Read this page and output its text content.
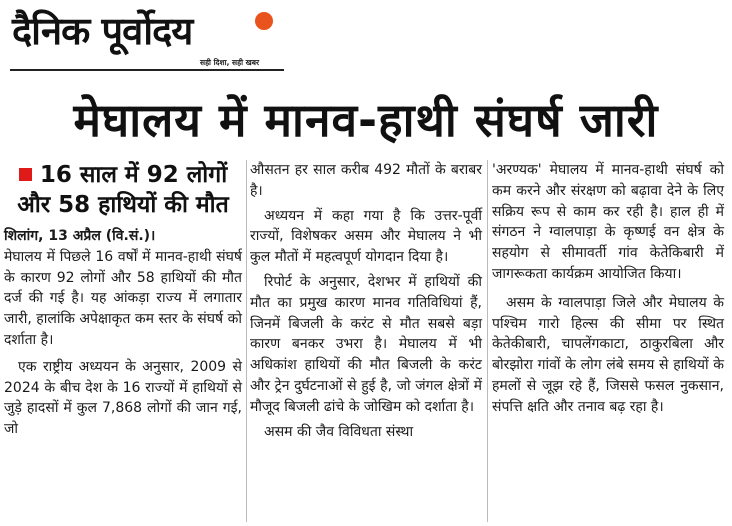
दैनिक पूर्वोदय
सही दिशा, सही खबर
मेघालय में मानव-हाथी संघर्ष जारी
16 साल में 92 लोगों और 58 हाथियों की मौत

शिलांग, 13 अप्रैल (वि.सं.)।

मेघालय में पिछले 16 वर्षों में मानव-हाथी संघर्ष के कारण 92 लोगों और 58 हाथियों की मौत दर्ज की गई है। यह आंकड़ा राज्य में लगातार जारी, हालांकि अपेक्षाकृत कम स्तर के संघर्ष को दर्शाता है।

एक राष्ट्रीय अध्ययन के अनुसार, 2009 से 2024 के बीच देश के 16 राज्यों में हाथियों से जुड़े हादसों में कुल 7,868 लोगों की जान गई, जो

औसतन हर साल करीब 492 मौतों के बराबर है।

अध्ययन में कहा गया है कि उत्तर-पूर्वी राज्यों, विशेषकर असम और मेघालय ने भी कुल मौतों में महत्वपूर्ण योगदान दिया है।

रिपोर्ट के अनुसार, देशभर में हाथियों की मौत का प्रमुख कारण मानव गतिविधियां हैं, जिनमें बिजली के करंट से मौत सबसे बड़ा कारण बनकर उभरा है। मेघालय में भी अधिकांश हाथियों की मौत बिजली के करंट और ट्रेन दुर्घटनाओं से हुई है, जो जंगल क्षेत्रों में मौजूद बिजली ढांचे के जोखिम को दर्शाता है।

असम की जैव विविधता संस्था

'अरण्यक' मेघालय में मानव-हाथी संघर्ष को कम करने और संरक्षण को बढ़ावा देने के लिए सक्रिय रूप से काम कर रही है। हाल ही में संगठन ने ग्वालपाड़ा के कृष्णई वन क्षेत्र के सहयोग से सीमावर्ती गांव केतेकिबारी में जागरूकता कार्यक्रम आयोजित किया।

असम के ग्वालपाड़ा जिले और मेघालय के पश्चिम गारो हिल्स की सीमा पर स्थित केतेकीबारी, चापलेंगकाटा, ठाकुरबिला और बोरझोरा गांवों के लोग लंबे समय से हाथियों के हमलों से जूझ रहे हैं, जिससे फसल नुकसान, संपत्ति क्षति और तनाव बढ़ रहा है।
